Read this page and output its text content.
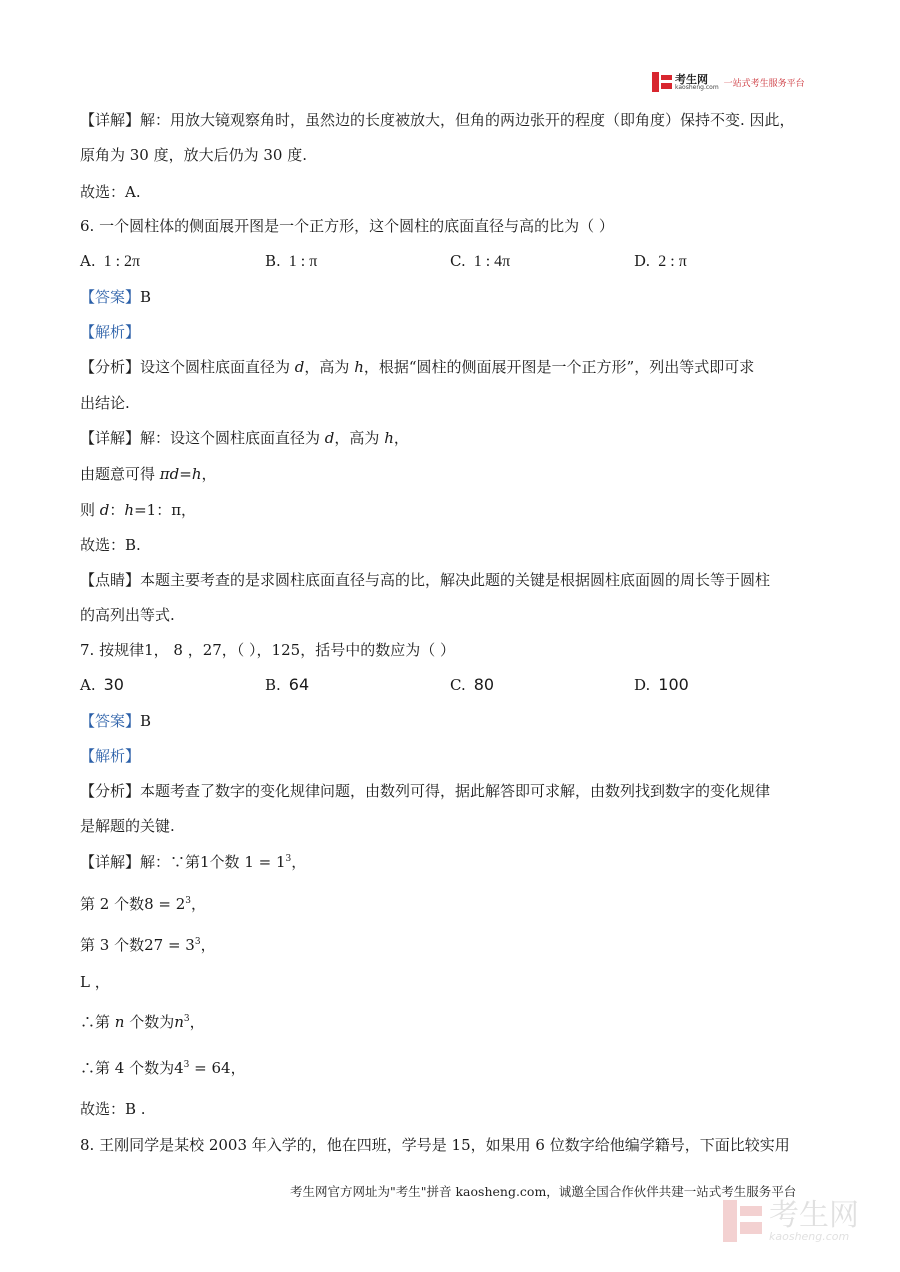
考生网
kaosheng.com 一站式考生服务平台
【详解】解：用放大镜观察角时，虽然边的长度被放大，但角的两边张开的程度（即角度）保持不变. 因此，
原角为 30 度，放大后仍为 30 度.
故选：A.
6. 一个圆柱体的侧面展开图是一个正方形，这个圆柱的底面直径与高的比为（ ）
A. 1 : 2π	B. 1 : π	C. 1 : 4π	D. 2 : π
【答案】B
【解析】
【分析】设这个圆柱底面直径为 d，高为 h，根据“圆柱的侧面展开图是一个正方形”，列出等式即可求
出结论.
【详解】解：设这个圆柱底面直径为 d，高为 h，
由题意可得 πd=h，
则 d：h=1：π，
故选：B.
【点睛】本题主要考查的是求圆柱底面直径与高的比，解决此题的关键是根据圆柱底面圆的周长等于圆柱
的高列出等式.
7. 按规律1， 8 ，27，（ ），125，括号中的数应为（ ）
A. 30	B. 64	C. 80	D. 100
【答案】B
【解析】
【分析】本题考查了数字的变化规律问题，由数列可得，据此解答即可求解，由数列找到数字的变化规律
是解题的关键.
【详解】解：∵第1个数 $1 = 1^3$，
第 2 个数$8 = 2^3$，
第 3 个数$27 = 3^3$，
L ，
∴第 n 个数为$n^3$，
∴第 4 个数为$4^3 = 64$，
故选：B .
8. 王刚同学是某校 2003 年入学的，他在四班，学号是 15，如果用 6 位数字给他编学籍号，下面比较实用
考生网官方网址为"考生"拼音 kaosheng.com，诚邀全国合作伙伴共建一站式考生服务平台
考生网
kaosheng.com
